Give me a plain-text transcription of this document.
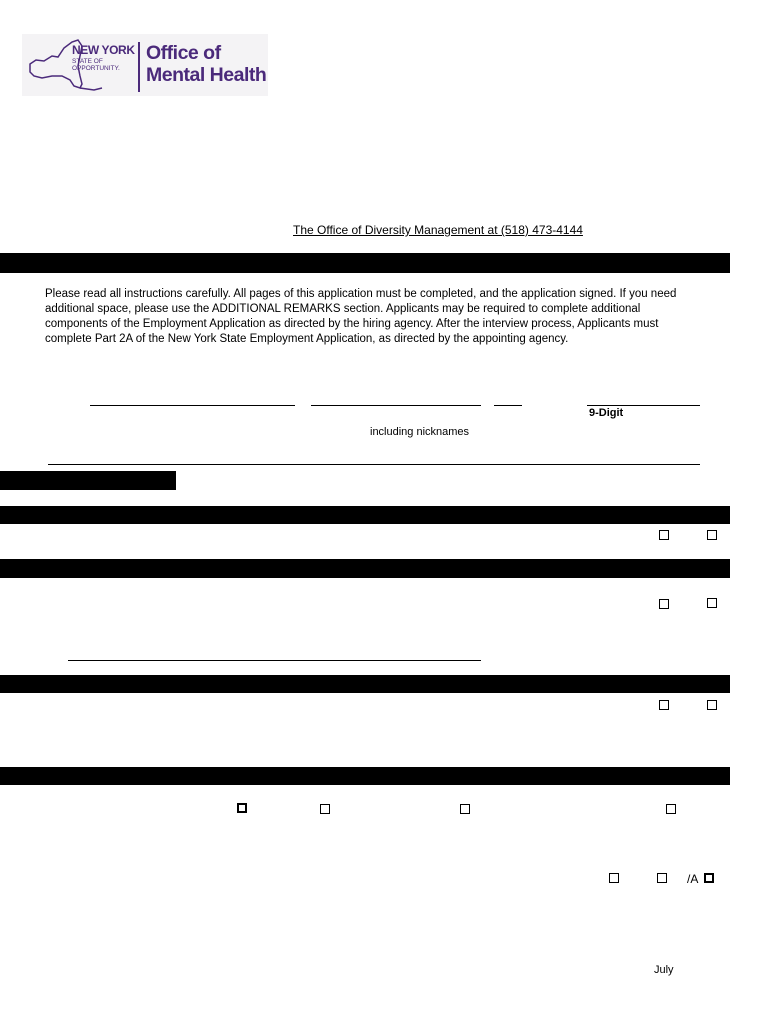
NEW YORK
STATE OF OPPORTUNITY.
Office of
Mental Health
The Office of Diversity Management at (518) 473-4144
Please read all instructions carefully. All pages of this application must be completed, and the application signed. If you need additional space, please use the ADDITIONAL REMARKS section. Applicants may be required to complete additional components of the Employment Application as directed by the hiring agency. After the interview process, Applicants must complete Part 2A of the New York State Employment Application, as directed by the appointing agency.
9-Digit
including nicknames
/A
July
